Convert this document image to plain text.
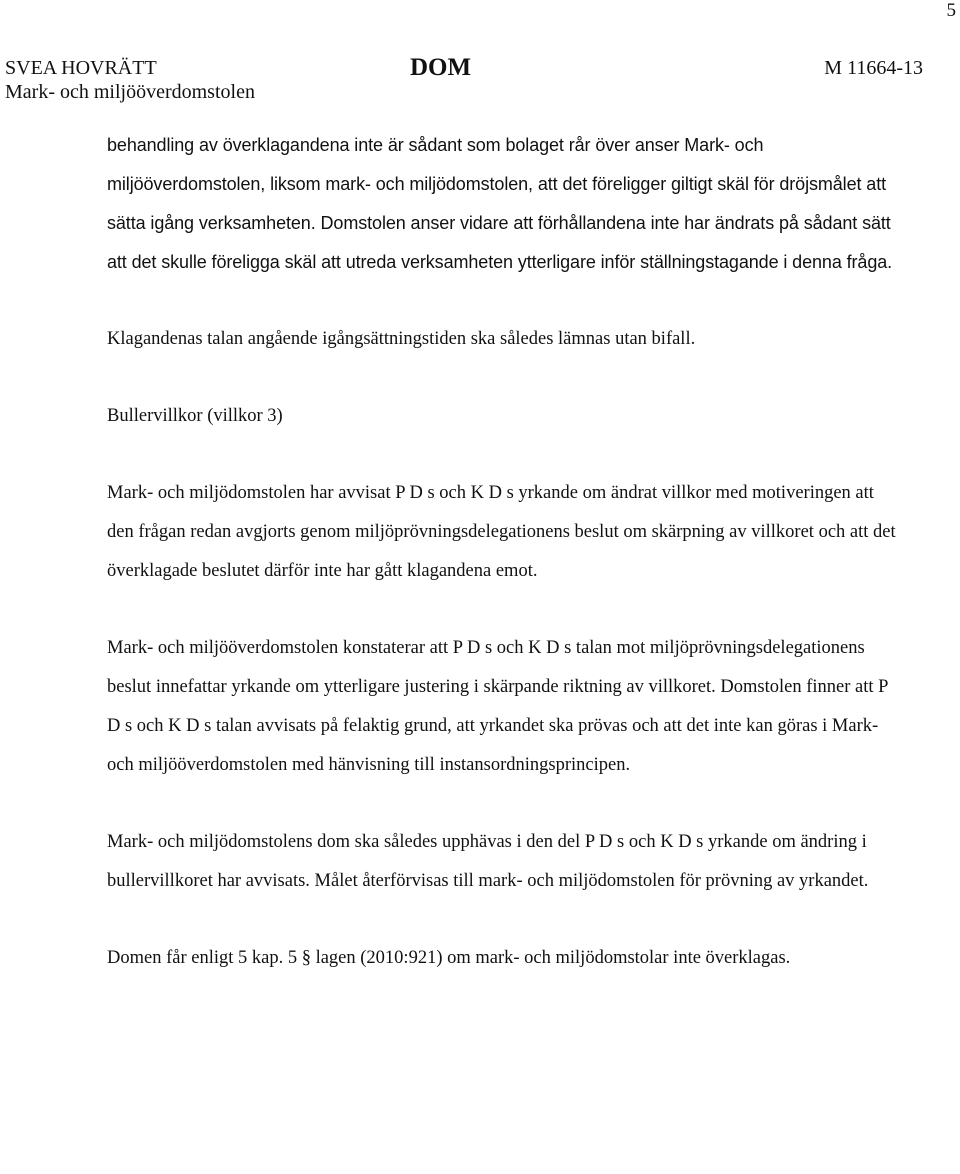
5
SVEA HOVRÄTT
Mark- och miljööverdomstolen
DOM	M 11664-13

behandling av överklagandena inte är sådant som bolaget rår över anser Mark- och miljööverdomstolen, liksom mark- och miljödomstolen, att det föreligger giltigt skäl för dröjsmålet att sätta igång verksamheten. Domstolen anser vidare att förhållandena inte har ändrats på sådant sätt att det skulle föreligga skäl att utreda verksamheten ytterligare inför ställningstagande i denna fråga.

Klagandenas talan angående igångsättningstiden ska således lämnas utan bifall.

Bullervillkor (villkor 3)

Mark- och miljödomstolen har avvisat P D s och K D s yrkande om ändrat villkor med motiveringen att den frågan redan avgjorts genom miljöprövningsdelegationens beslut om skärpning av villkoret och att det överklagade beslutet därför inte har gått klagandena emot.

Mark- och miljööverdomstolen konstaterar att P D s och K D s talan mot miljöprövningsdelegationens beslut innefattar yrkande om ytterligare justering i skärpande riktning av villkoret. Domstolen finner att P D s och K D s talan avvisats på felaktig grund, att yrkandet ska prövas och att det inte kan göras i Mark- och miljööverdomstolen med hänvisning till instansordningsprincipen.

Mark- och miljödomstolens dom ska således upphävas i den del P D s och K D s yrkande om ändring i bullervillkoret har avvisats. Målet återförvisas till mark- och miljödomstolen för prövning av yrkandet.

Domen får enligt 5 kap. 5 § lagen (2010:921) om mark- och miljödomstolar inte överklagas.
